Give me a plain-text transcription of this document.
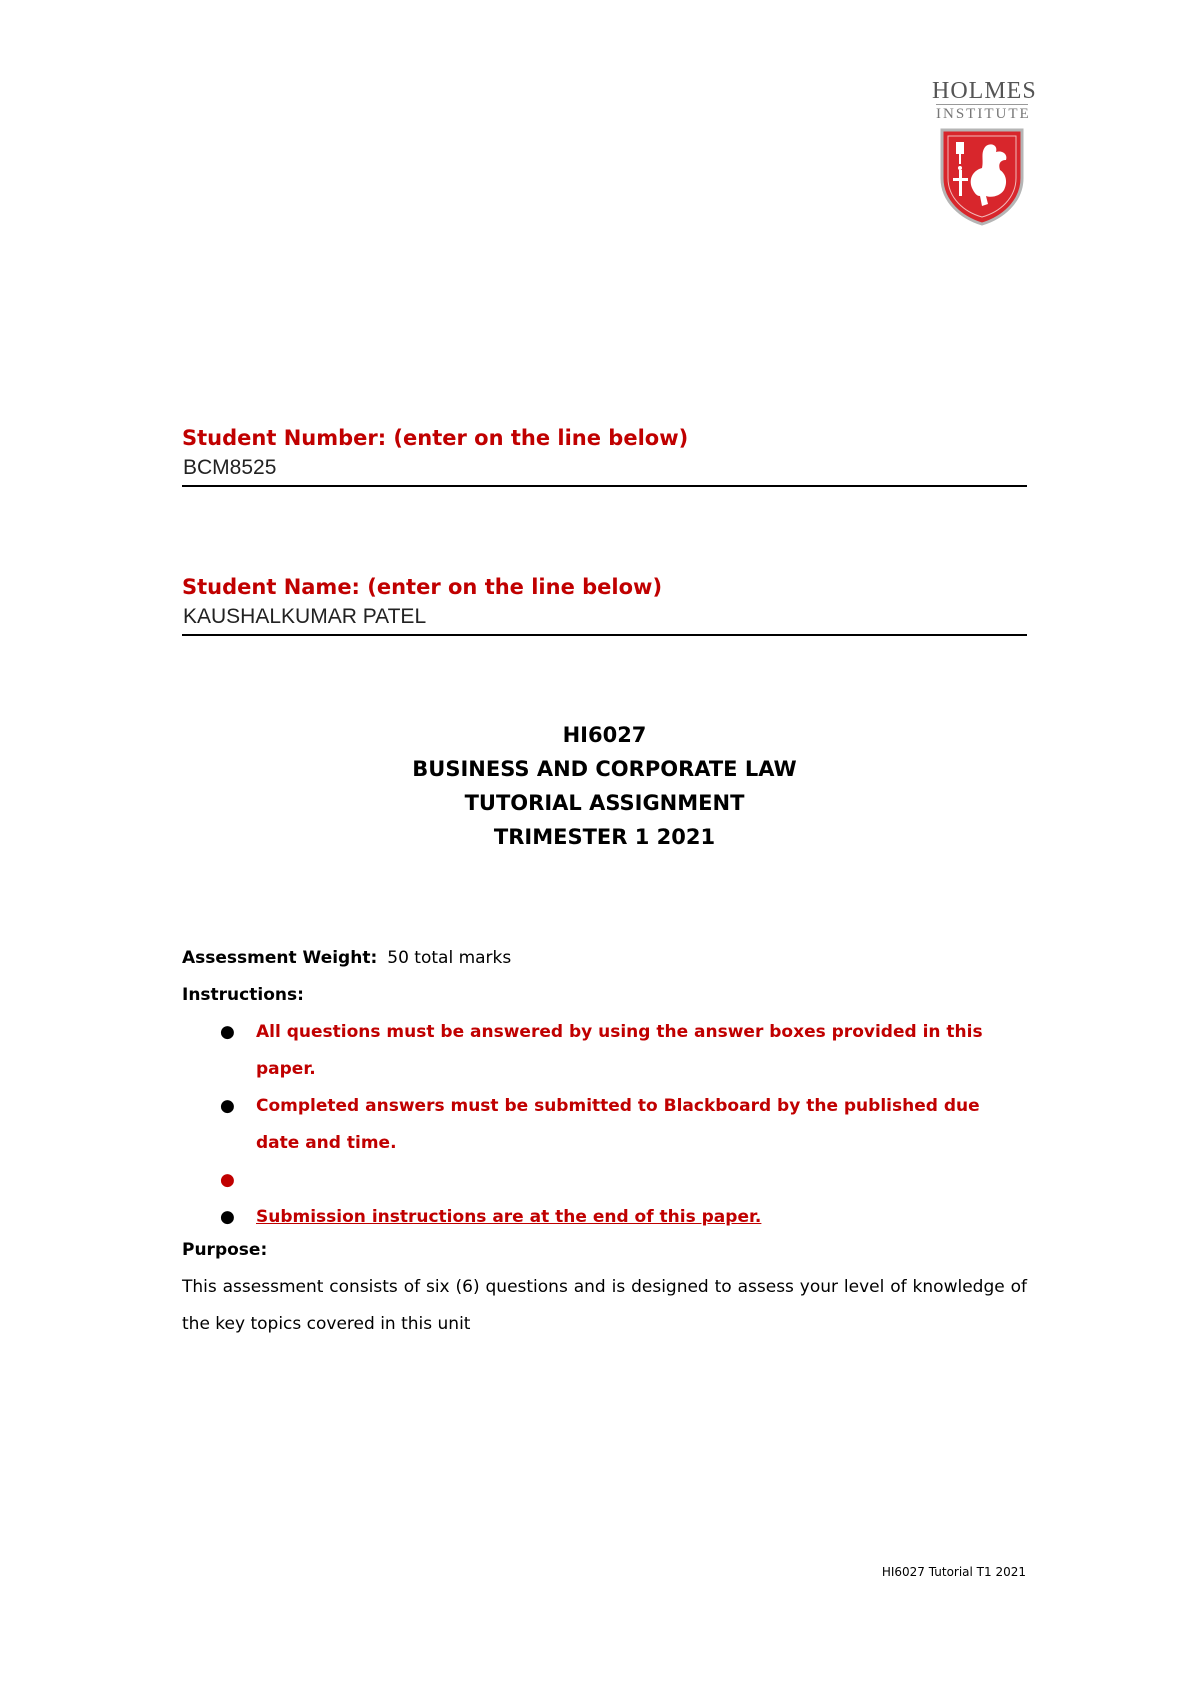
HOLMES
INSTITUTE
Student Number: (enter on the line below)
BCM8525
Student Name: (enter on the line below)
KAUSHALKUMAR PATEL
HI6027
BUSINESS AND CORPORATE LAW
TUTORIAL ASSIGNMENT
TRIMESTER 1 2021
Assessment Weight: 50 total marks
Instructions:
● All questions must be answered by using the answer boxes provided in this paper.
● Completed answers must be submitted to Blackboard by the published due date and time.
●
● Submission instructions are at the end of this paper.
Purpose:

This assessment consists of six (6) questions and is designed to assess your level of knowledge of the key topics covered in this unit

HI6027 Tutorial T1 2021
